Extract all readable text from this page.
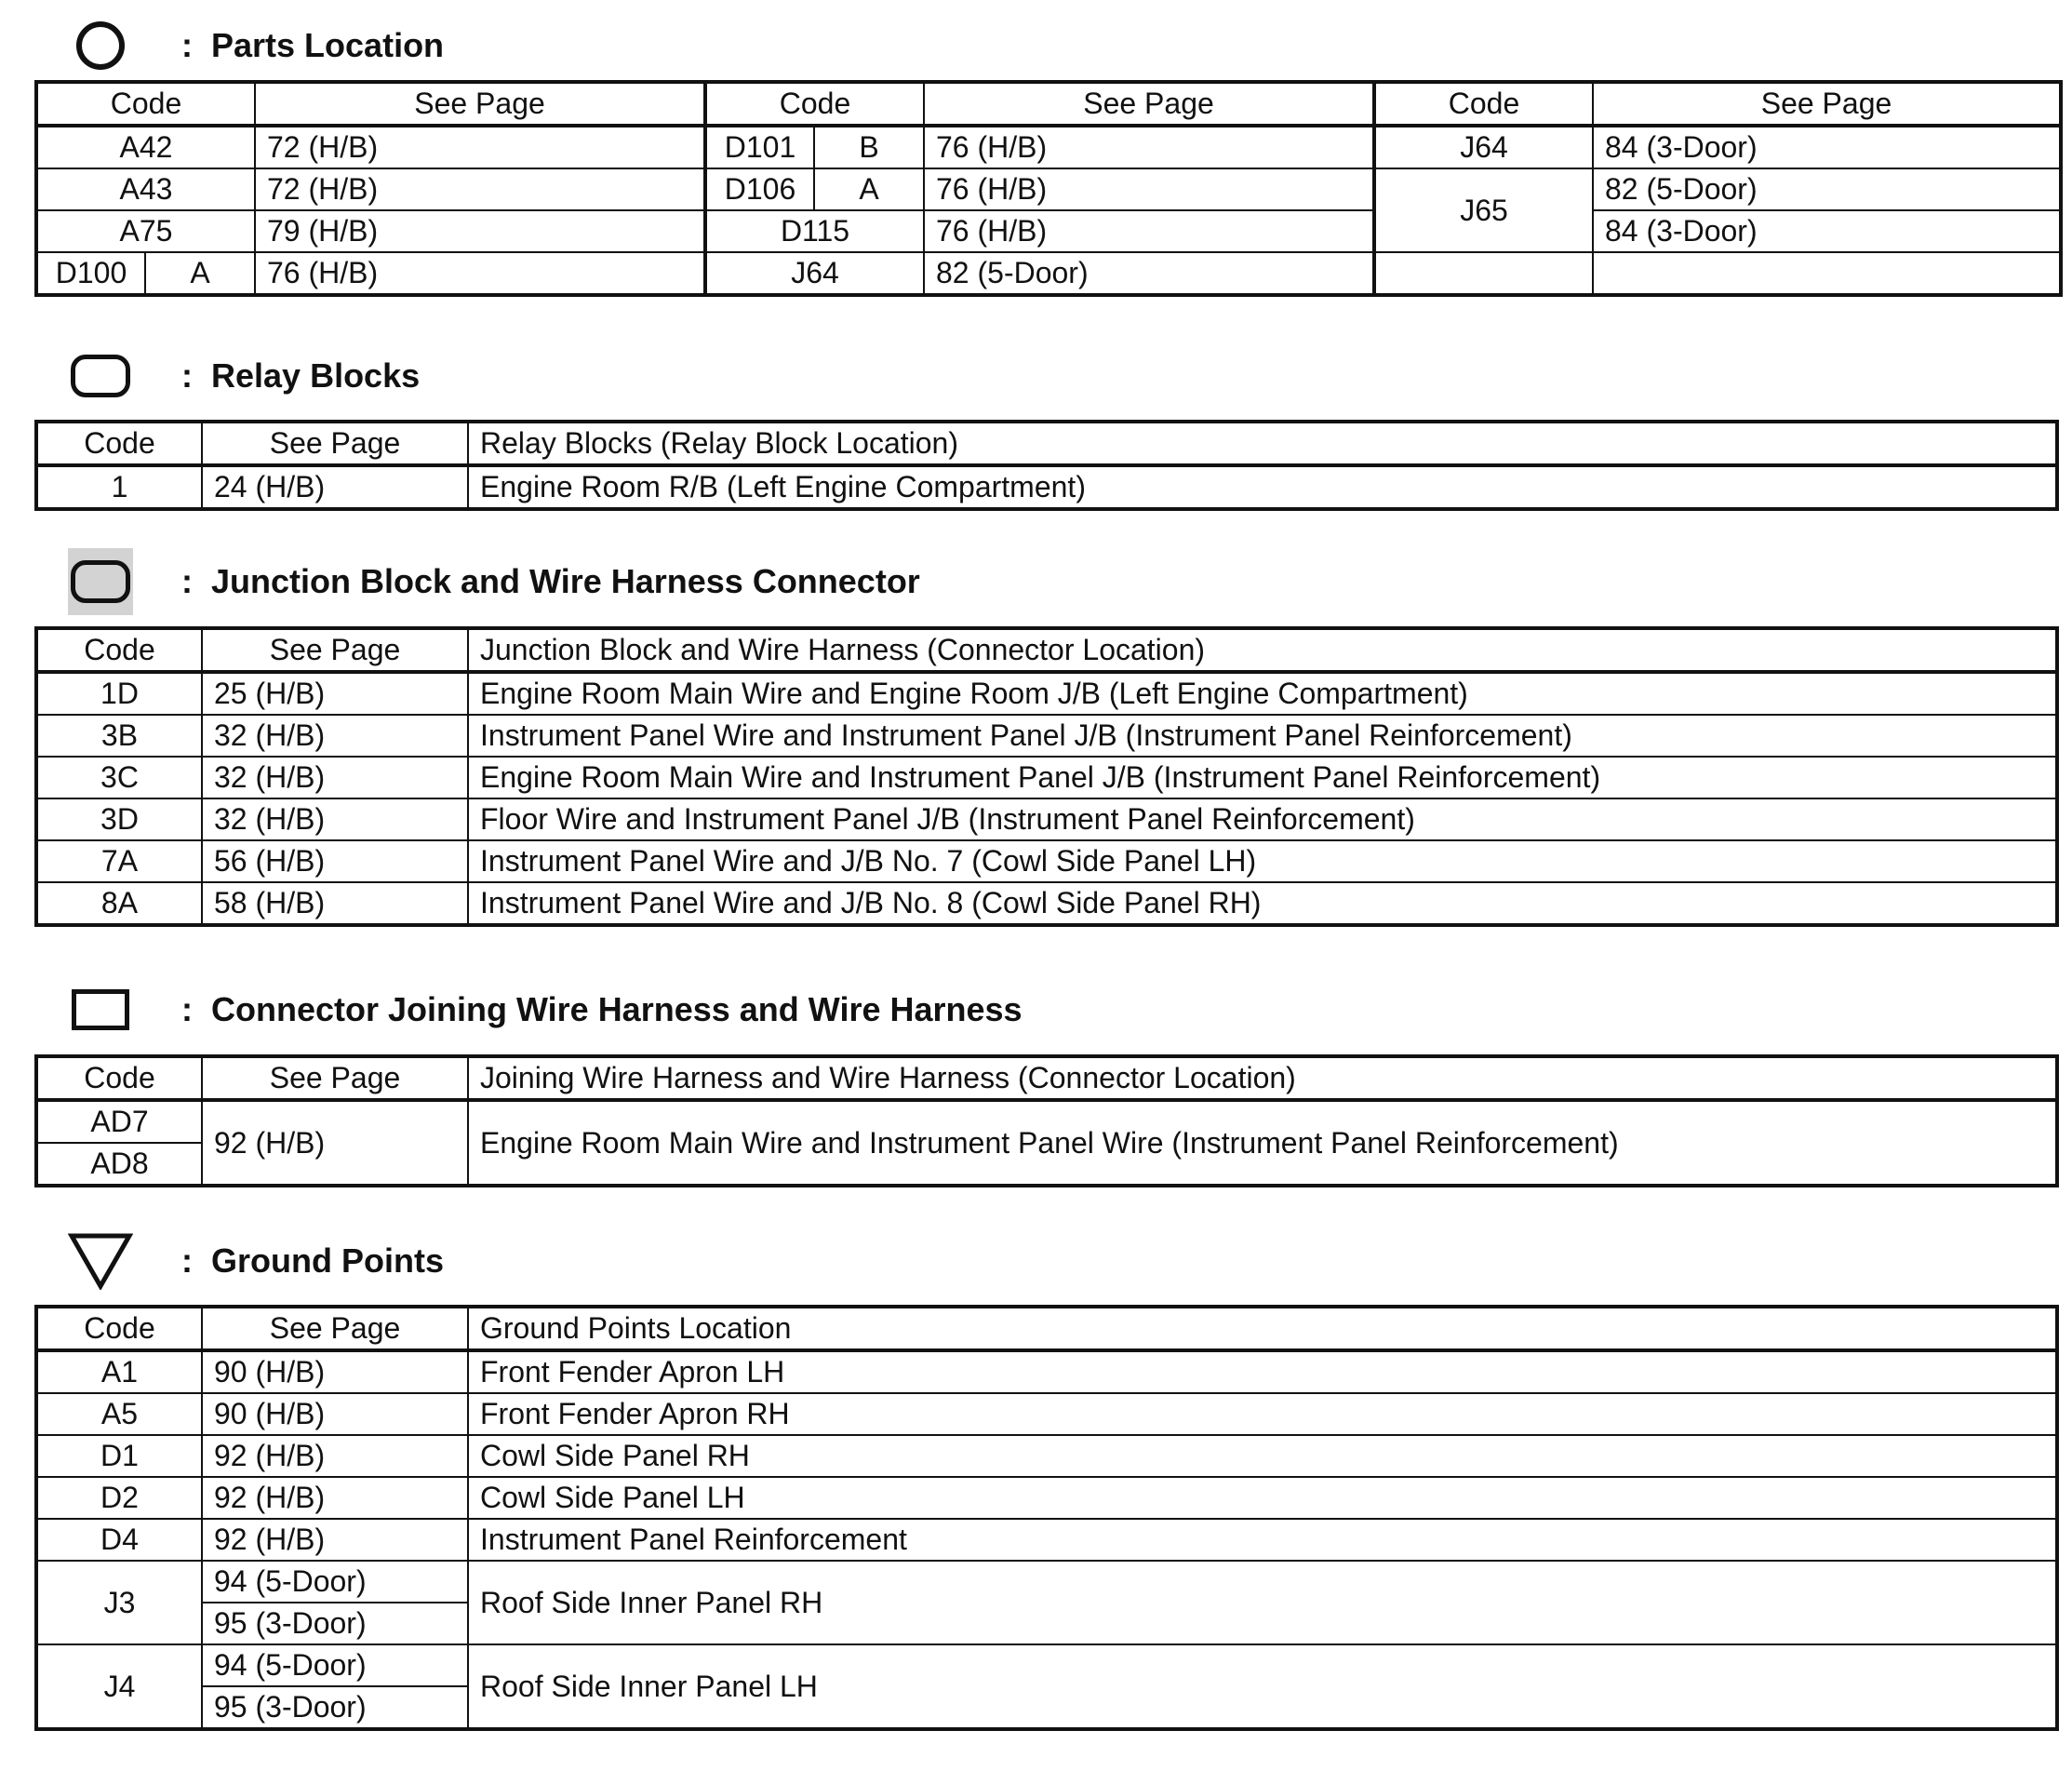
: Parts Location
Code		See Page	Code		See Page	Code	See Page
A42		72 (H/B)	D101	B	76 (H/B)	J64	84 (3-Door)
A43		72 (H/B)	D106	A	76 (H/B)	J65	82 (5-Door)
A75		79 (H/B)	D115		76 (H/B)		84 (3-Door)
D100	A	76 (H/B)	J64		82 (5-Door)		
: Relay Blocks
Code	See Page	Relay Blocks (Relay Block Location)
1	24 (H/B)	Engine Room R/B (Left Engine Compartment)
: Junction Block and Wire Harness Connector
Code	See Page	Junction Block and Wire Harness (Connector Location)
1D	25 (H/B)	Engine Room Main Wire and Engine Room J/B (Left Engine Compartment)
3B	32 (H/B)	Instrument Panel Wire and Instrument Panel J/B (Instrument Panel Reinforcement)
3C	32 (H/B)	Engine Room Main Wire and Instrument Panel J/B (Instrument Panel Reinforcement)
3D	32 (H/B)	Floor Wire and Instrument Panel J/B (Instrument Panel Reinforcement)
7A	56 (H/B)	Instrument Panel Wire and J/B No. 7 (Cowl Side Panel LH)
8A	58 (H/B)	Instrument Panel Wire and J/B No. 8 (Cowl Side Panel RH)
: Connector Joining Wire Harness and Wire Harness
Code	See Page	Joining Wire Harness and Wire Harness (Connector Location)
AD7	92 (H/B)	Engine Room Main Wire and Instrument Panel Wire (Instrument Panel Reinforcement)
AD8		
: Ground Points
Code	See Page	Ground Points Location
A1	90 (H/B)	Front Fender Apron LH
A5	90 (H/B)	Front Fender Apron RH
D1	92 (H/B)	Cowl Side Panel RH
D2	92 (H/B)	Cowl Side Panel LH
D4	92 (H/B)	Instrument Panel Reinforcement
J3	94 (5-Door)	Roof Side Inner Panel RH
	95 (3-Door)	
J4	94 (5-Door)	Roof Side Inner Panel LH
	95 (3-Door)	
